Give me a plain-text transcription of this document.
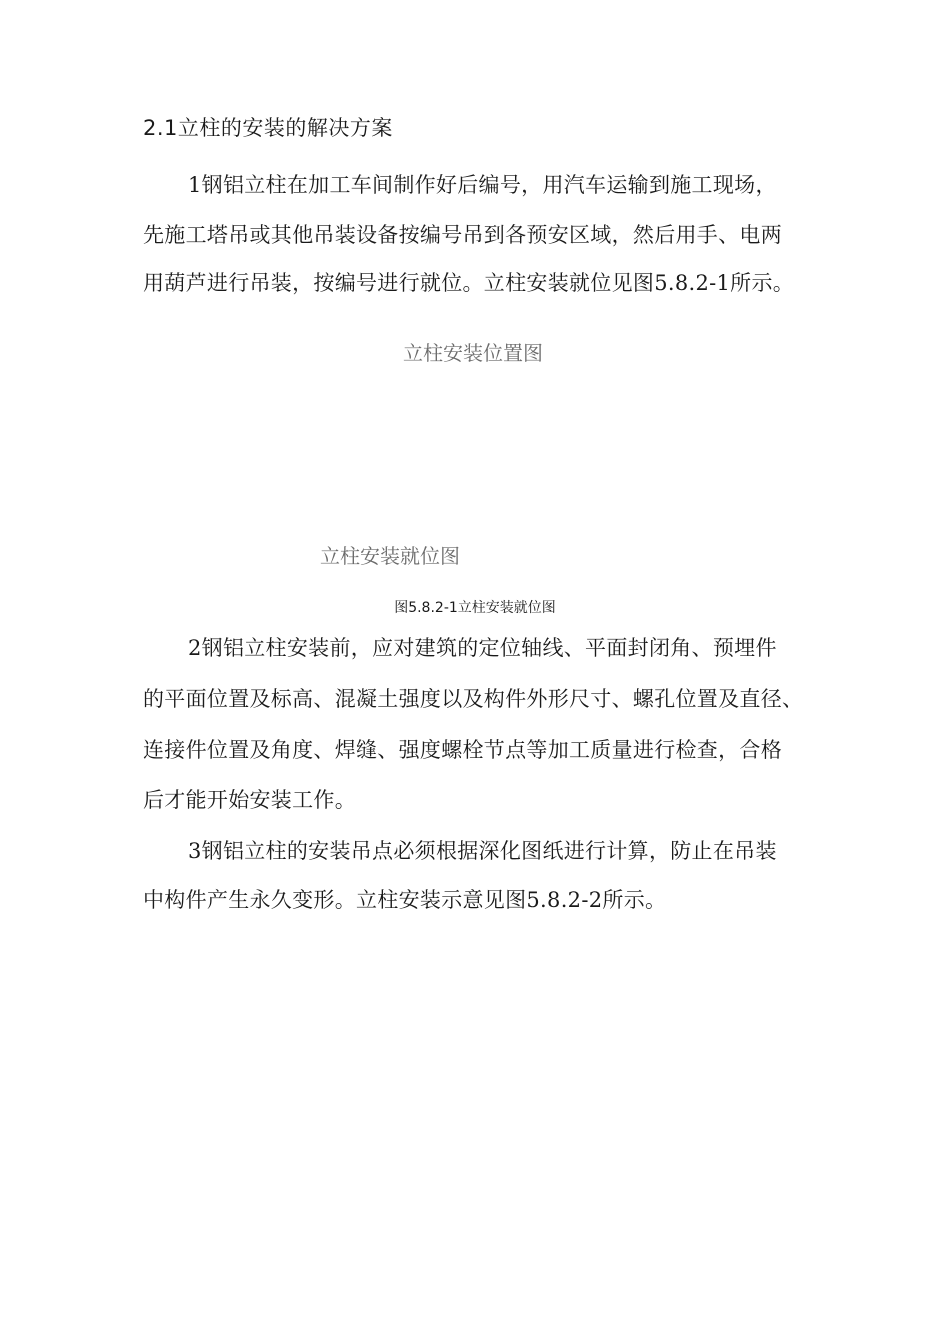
2.1立柱的安装的解决方案

1钢铝立柱在加工车间制作好后编号，用汽车运输到施工现场，

先施工塔吊或其他吊装设备按编号吊到各预安区域，然后用手、电两

用葫芦进行吊装，按编号进行就位。立柱安装就位见图5.8.2-1所示。

立柱安装位置图

立柱安装就位图

图5.8.2-1立柱安装就位图

2钢铝立柱安装前，应对建筑的定位轴线、平面封闭角、预埋件

的平面位置及标高、混凝土强度以及构件外形尺寸、螺孔位置及直径、

连接件位置及角度、焊缝、强度螺栓节点等加工质量进行检查，合格

后才能开始安装工作。

3钢铝立柱的安装吊点必须根据深化图纸进行计算，防止在吊装

中构件产生永久变形。立柱安装示意见图5.8.2-2所示。
